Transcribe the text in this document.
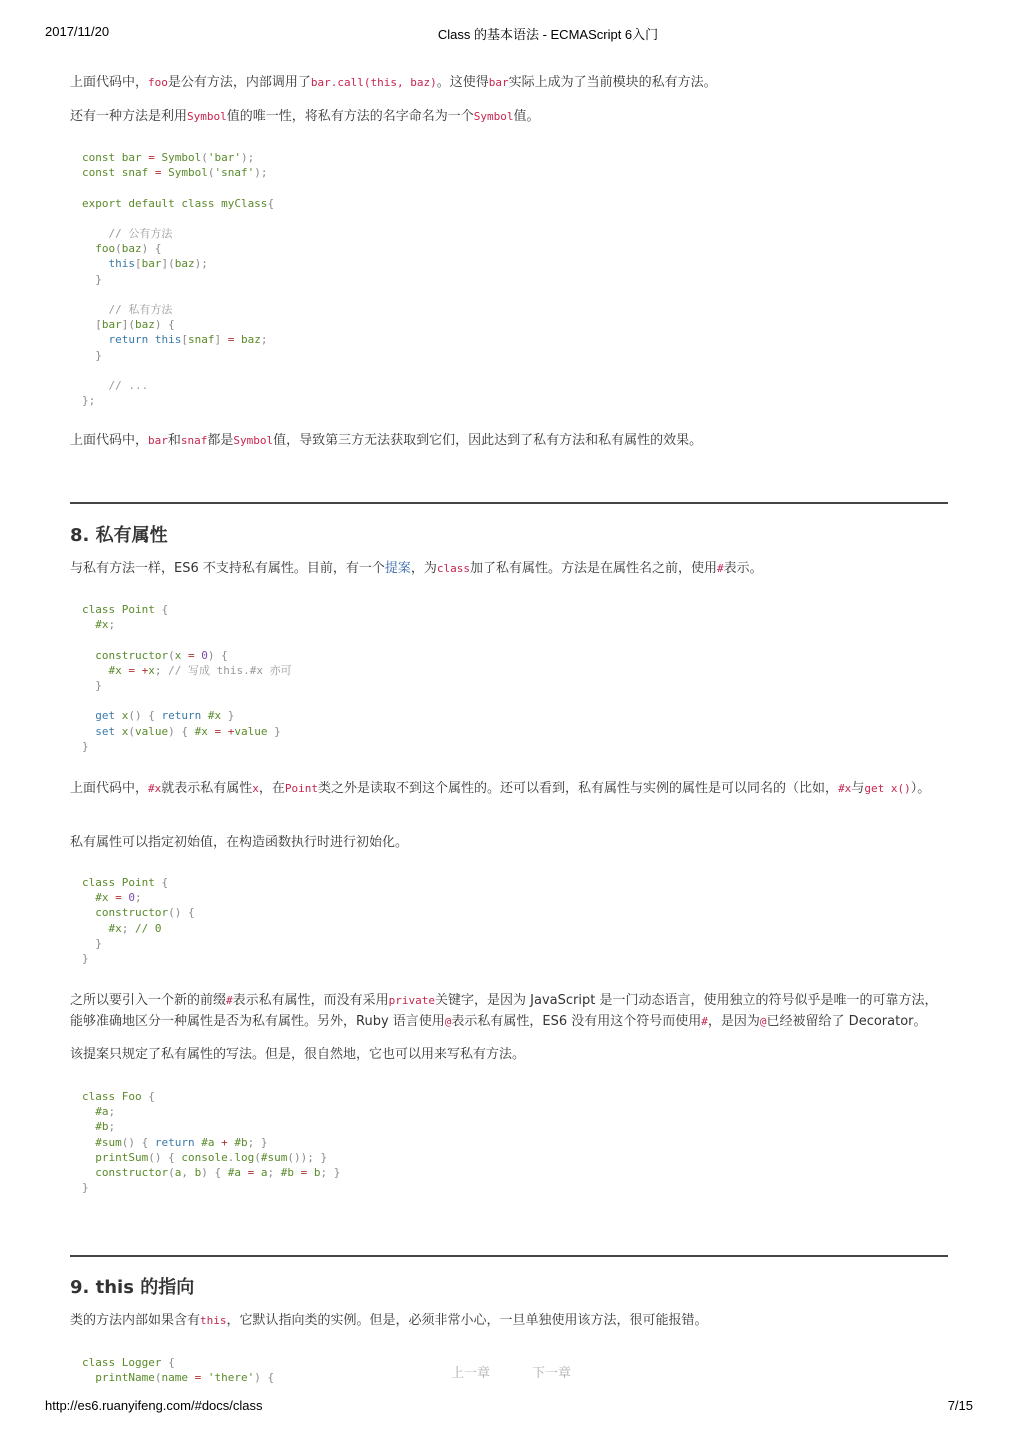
2017/11/20	Class 的基本语法 - ECMAScript 6入门

上面代码中，foo是公有方法，内部调用了bar.call(this, baz)。这使得bar实际上成为了当前模块的私有方法。

还有一种方法是利用Symbol值的唯一性，将私有方法的名字命名为一个Symbol值。

const bar = Symbol('bar');
const snaf = Symbol('snaf');

export default class myClass{

// 公有方法
foo(baz) {
this[bar](baz);
}

// 私有方法
[bar](baz) {
return this[snaf] = baz;
}

// ...
};

上面代码中，bar和snaf都是Symbol值，导致第三方无法获取到它们，因此达到了私有方法和私有属性的效果。

8. 私有属性

与私有方法一样，ES6 不支持私有属性。目前，有一个提案，为class加了私有属性。方法是在属性名之前，使用#表示。

class Point {
#x;

constructor(x = 0) {
#x = +x; // 写成 this.#x 亦可
}

get x() { return #x }
set x(value) { #x = +value }
}

上面代码中，#x就表示私有属性x，在Point类之外是读取不到这个属性的。还可以看到，私有属性与实例的属性是可以同名的（比如，#x与get x()）。

私有属性可以指定初始值，在构造函数执行时进行初始化。

class Point {
#x = 0;
constructor() {
#x; // 0
}
}

之所以要引入一个新的前缀#表示私有属性，而没有采用private关键字，是因为 JavaScript 是一门动态语言，使用独立的符号似乎是唯一的可靠方法，能够准确地区分一种属性是否为私有属性。另外，Ruby 语言使用@表示私有属性，ES6 没有用这个符号而使用#，是因为@已经被留给了 Decorator。

该提案只规定了私有属性的写法。但是，很自然地，它也可以用来写私有方法。

class Foo {
#a;
#b;
#sum() { return #a + #b; }
printSum() { console.log(#sum()); }
constructor(a, b) { #a = a; #b = b; }
}
9. this 的指向

类的方法内部如果含有this，它默认指向类的实例。但是，必须非常小心，一旦单独使用该方法，很可能报错。

class Logger {
printName(name = 'there') {	上一章	下一章
http://es6.ruanyifeng.com/#docs/class	7/15
